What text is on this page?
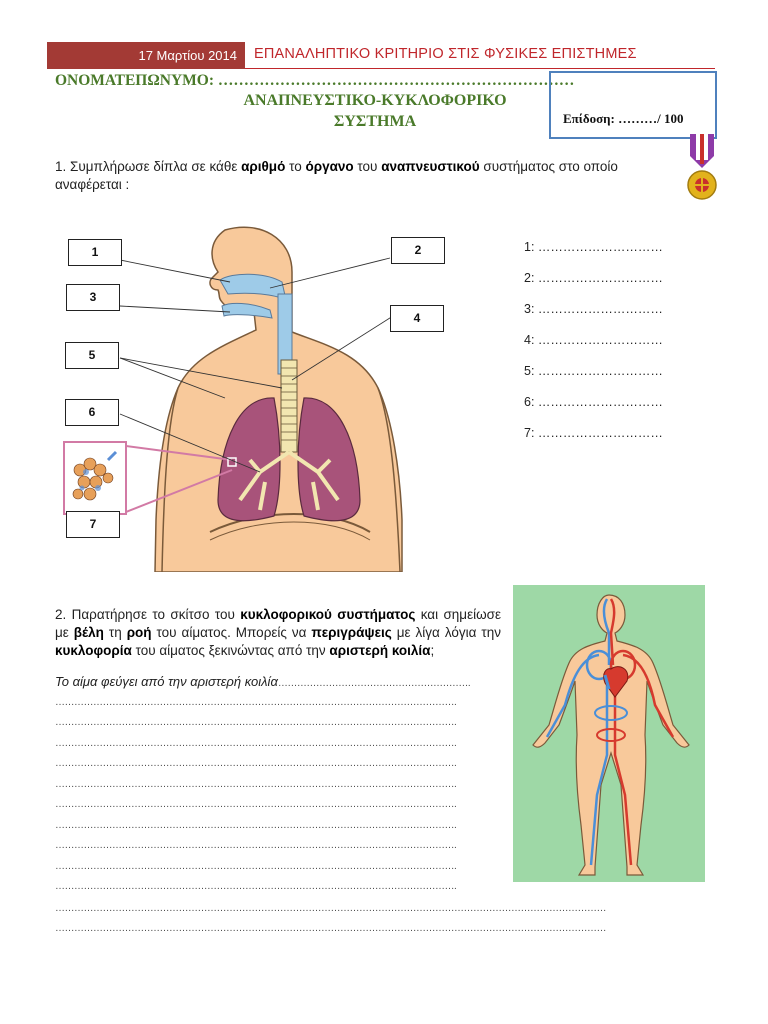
17 Μαρτίου 2014	ΕΠΑΝΑΛΗΠΤΙΚΟ ΚΡΙΤΗΡΙΟ ΣΤΙΣ ΦΥΣΙΚΕΣ ΕΠΙΣΤΗΜΕΣ
ΟΝΟΜΑΤΕΠΩΝΥΜΟ: ……………………………………………………………
ΑΝΑΠΝΕΥΣΤΙΚΟ-ΚΥΚΛΟΦΟΡΙΚΟ
ΣΥΣΤΗΜΑ	Επίδοση: ………/ 100
1. Συμπλήρωσε δίπλα σε κάθε αριθμό το όργανο του αναπνευστικού συστήματος στο οποίο αναφέρεται :
1	2
3
4
5
6
7
1: …………………………
2: …………………………
3: …………………………
4: …………………………
5: …………………………
6: …………………………
7: …………………………
2. Παρατήρησε το σκίτσο του κυκλοφορικού συστήματος και σημείωσε με βέλη τη ροή του αίματος. Μπορείς να περιγράψεις με λίγα λόγια την κυκλοφορία του αίματος ξεκινώντας από την αριστερή κοιλία;
Το αίμα φεύγει από την αριστερή κοιλία…………………………………………………….
……………………………………………………………………………………………………………….
……………………………………………………………………………………………………………….
……………………………………………………………………………………………………………….
……………………………………………………………………………………………………………….
……………………………………………………………………………………………………………….
……………………………………………………………………………………………………………….
……………………………………………………………………………………………………………….
……………………………………………………………………………………………………………….
……………………………………………………………………………………………………………….
……………………………………………………………………………………………………………….
…………………………………………………………………………………………………………………………………………………………
…………………………………………………………………………………………………………………………………………………………
